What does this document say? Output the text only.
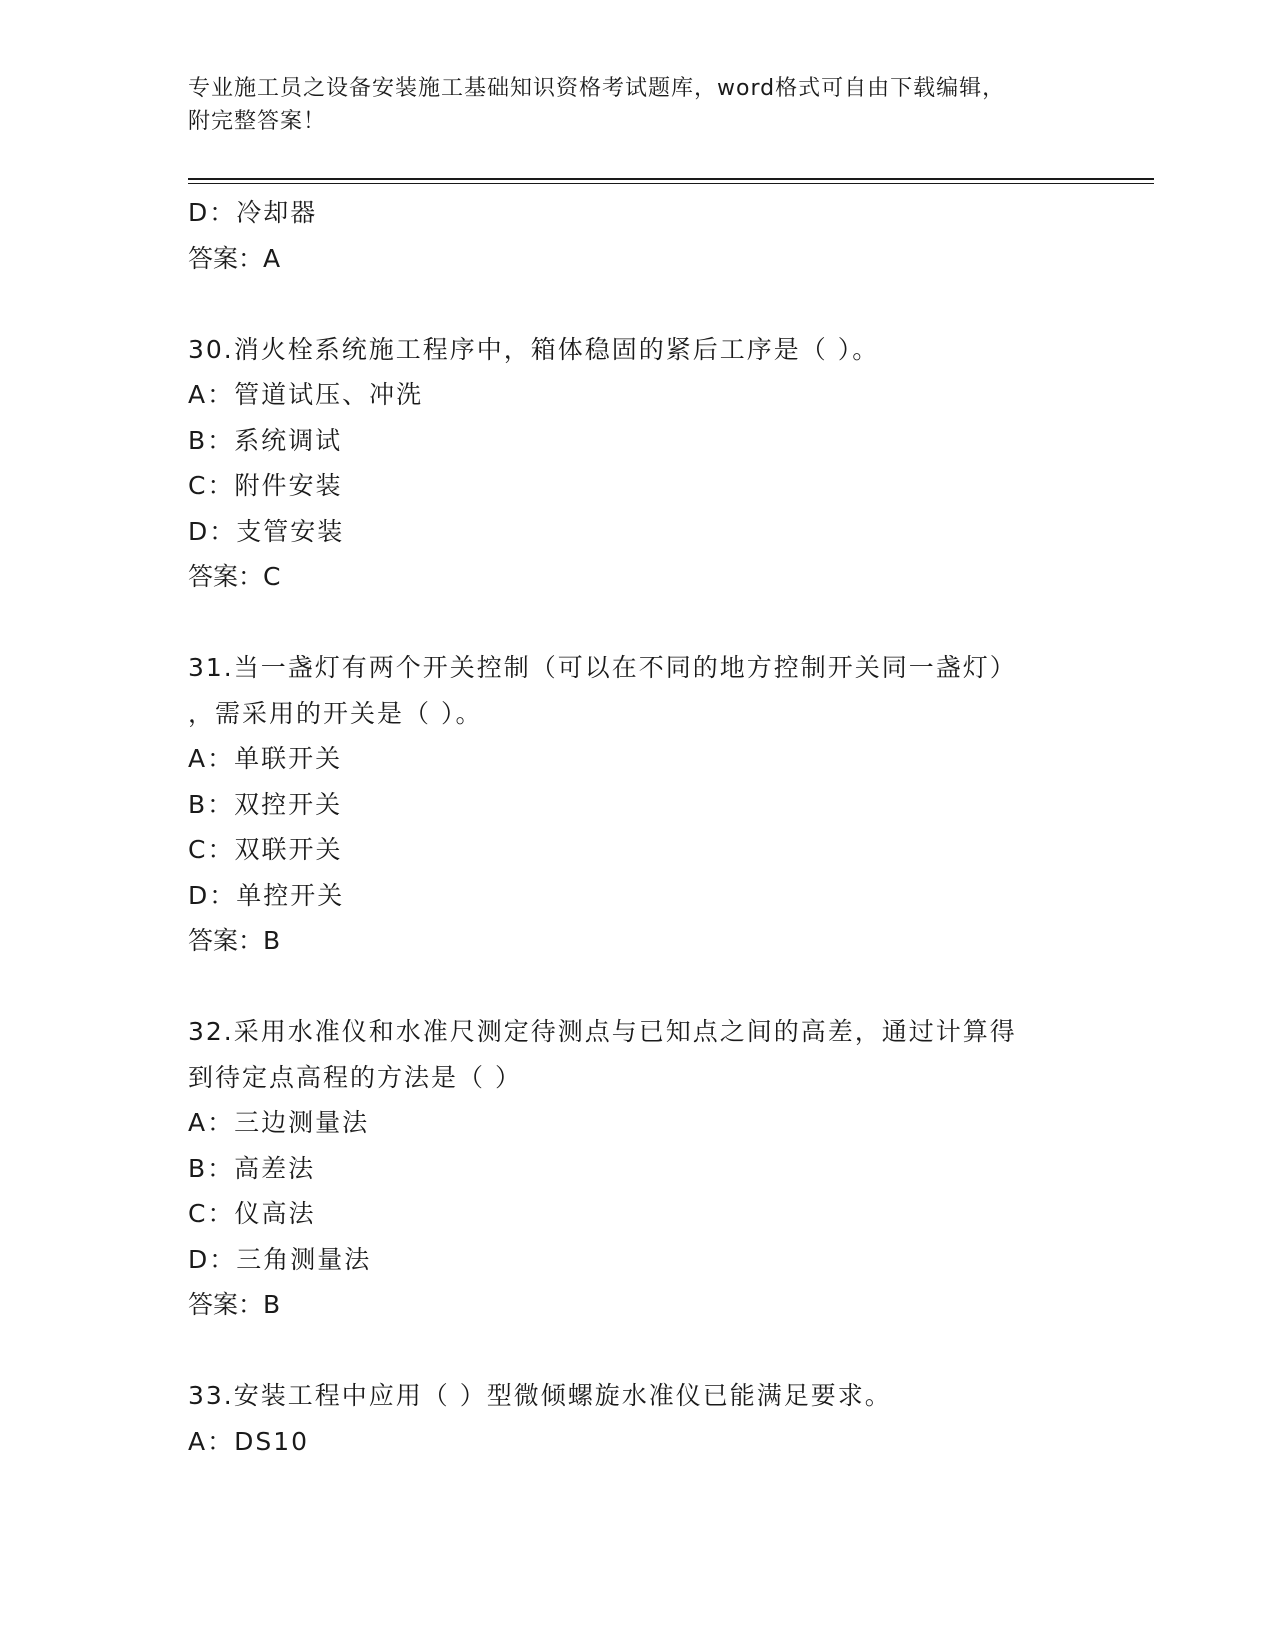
专业施工员之设备安装施工基础知识资格考试题库，word格式可自由下载编辑，
附完整答案！
D：冷却器
答案：A
30.消火栓系统施工程序中，箱体稳固的紧后工序是（ ）。
A：管道试压、冲洗
B：系统调试
C：附件安装
D：支管安装
答案：C
31.当一盏灯有两个开关控制（可以在不同的地方控制开关同一盏灯）
，需采用的开关是（ ）。
A：单联开关
B：双控开关
C：双联开关
D：单控开关
答案：B
32.采用水准仪和水准尺测定待测点与已知点之间的高差，通过计算得
到待定点高程的方法是（ ）
A：三边测量法
B：高差法
C：仪高法
D：三角测量法
答案：B
33.安装工程中应用（ ）型微倾螺旋水准仪已能满足要求。
A：DS10
